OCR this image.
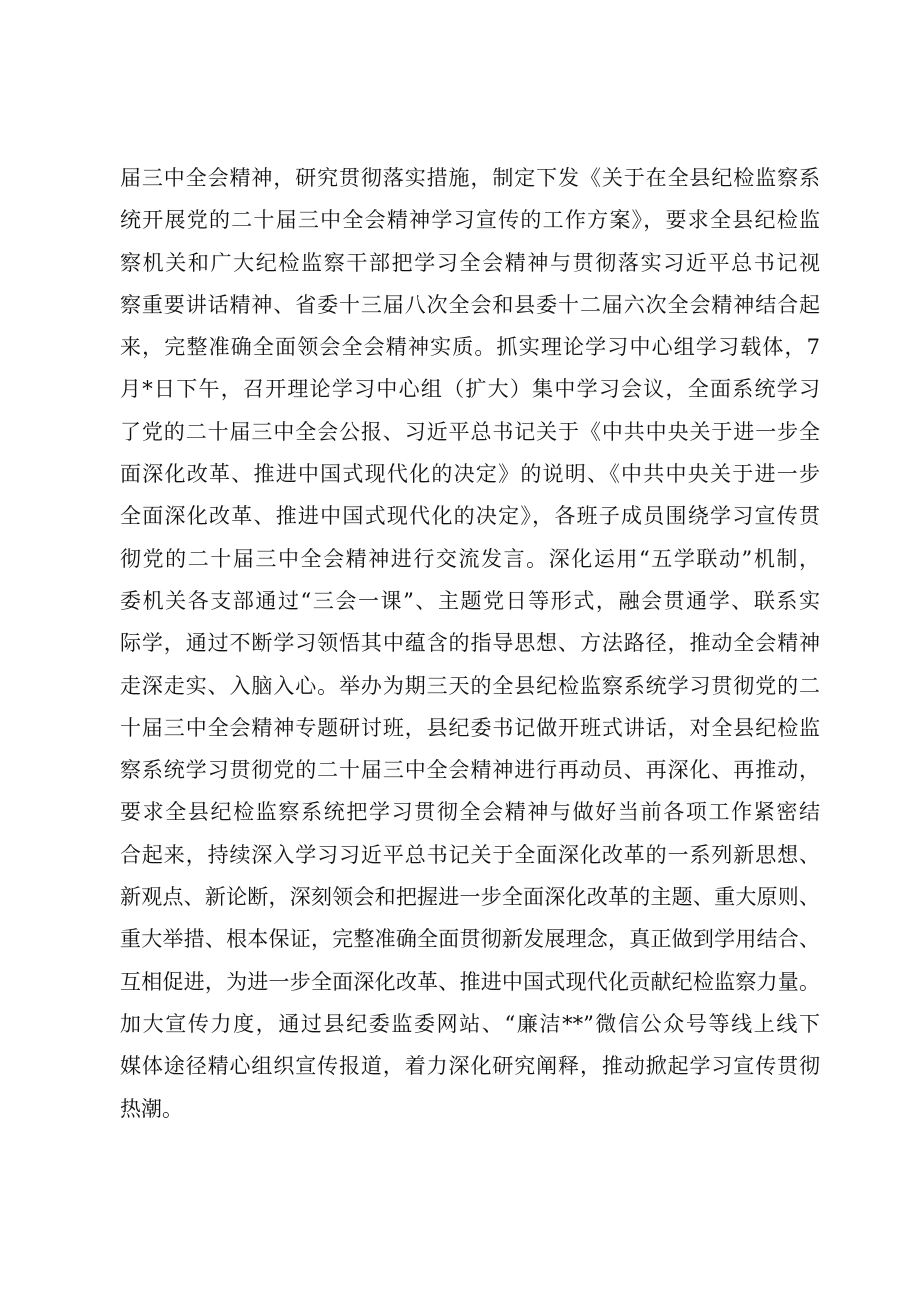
届三中全会精神，研究贯彻落实措施，制定下发《关于在全县纪检监察系
统开展党的二十届三中全会精神学习宣传的工作方案》，要求全县纪检监
察机关和广大纪检监察干部把学习全会精神与贯彻落实习近平总书记视
察重要讲话精神、省委十三届八次全会和县委十二届六次全会精神结合起
来，完整准确全面领会全会精神实质。抓实理论学习中心组学习载体，7
月*日下午，召开理论学习中心组（扩大）集中学习会议，全面系统学习
了党的二十届三中全会公报、习近平总书记关于《中共中央关于进一步全
面深化改革、推进中国式现代化的决定》的说明、《中共中央关于进一步
全面深化改革、推进中国式现代化的决定》，各班子成员围绕学习宣传贯
彻党的二十届三中全会精神进行交流发言。深化运用“五学联动”机制，
委机关各支部通过“三会一课”、主题党日等形式，融会贯通学、联系实
际学，通过不断学习领悟其中蕴含的指导思想、方法路径，推动全会精神
走深走实、入脑入心。举办为期三天的全县纪检监察系统学习贯彻党的二
十届三中全会精神专题研讨班，县纪委书记做开班式讲话，对全县纪检监
察系统学习贯彻党的二十届三中全会精神进行再动员、再深化、再推动，
要求全县纪检监察系统把学习贯彻全会精神与做好当前各项工作紧密结
合起来，持续深入学习习近平总书记关于全面深化改革的一系列新思想、
新观点、新论断，深刻领会和把握进一步全面深化改革的主题、重大原则、
重大举措、根本保证，完整准确全面贯彻新发展理念，真正做到学用结合、
互相促进，为进一步全面深化改革、推进中国式现代化贡献纪检监察力量。
加大宣传力度，通过县纪委监委网站、“廉洁**”微信公众号等线上线下
媒体途径精心组织宣传报道，着力深化研究阐释，推动掀起学习宣传贯彻
热潮。
